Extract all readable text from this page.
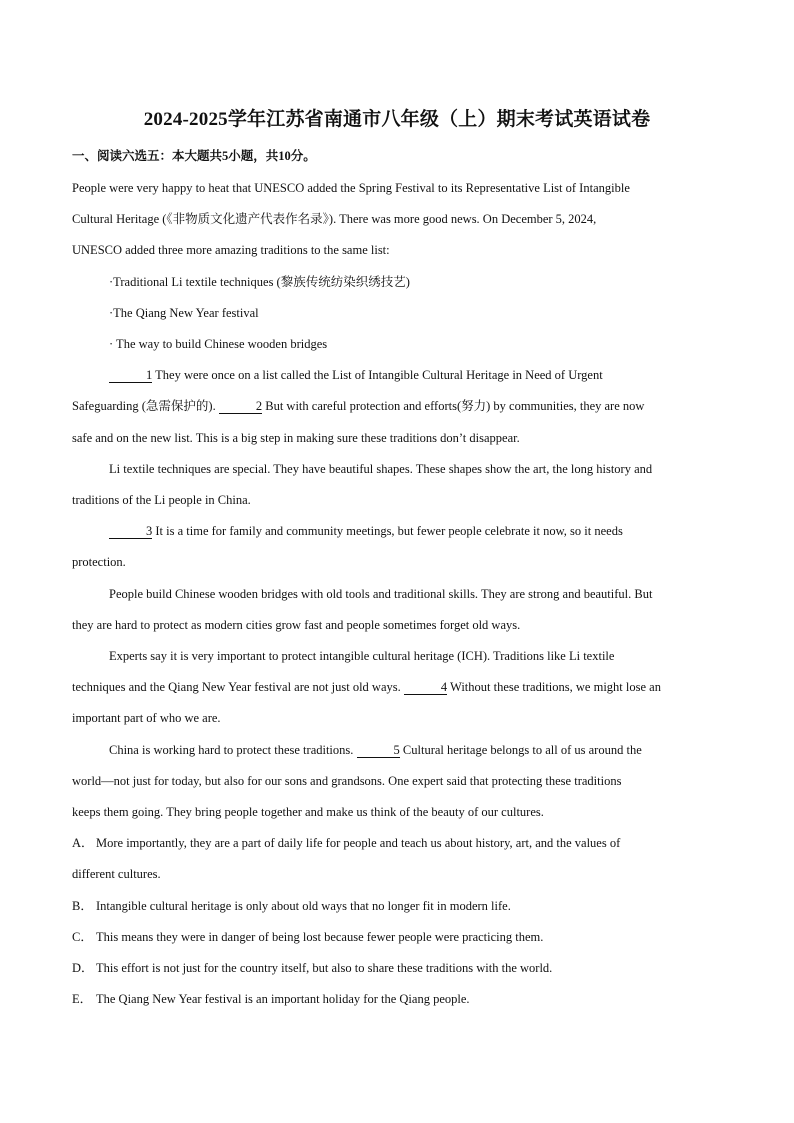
2024-2025学年江苏省南通市八年级（上）期末考试英语试卷
一、阅读六选五：本大题共5小题，共10分。

People were very happy to heat that UNESCO added the Spring Festival to its Representative List of Intangible
Cultural Heritage (《非物质文化遗产代表作名录》). There was more good news. On December 5, 2024,
UNESCO added three more amazing traditions to the same list:

·Traditional Li textile techniques (黎族传统纺染织绣技艺)

·The Qiang New Year festival

· The way to build Chinese wooden bridges

1 They were once on a list called the List of Intangible Cultural Heritage in Need of Urgent
Safeguarding (急需保护的).	2 But with careful protection and efforts(努力) by communities, they are now
safe and on the new list. This is a big step in making sure these traditions don’t disappear.

Li textile techniques are special. They have beautiful shapes. These shapes show the art, the long history and
traditions of the Li people in China.

3 It is a time for family and community meetings, but fewer people celebrate it now, so it needs
protection.

People build Chinese wooden bridges with old tools and traditional skills. They are strong and beautiful. But
they are hard to protect as modern cities grow fast and people sometimes forget old ways.

Experts say it is very important to protect intangible cultural heritage (ICH). Traditions like Li textile
techniques and the Qiang New Year festival are not just old ways.	4 Without these traditions, we might lose an
important part of who we are.

China is working hard to protect these traditions.	5 Cultural heritage belongs to all of us around the
world—not just for today, but also for our sons and grandsons. One expert said that protecting these traditions
keeps them going. They bring people together and make us think of the beauty of our cultures.

A． More importantly, they are a part of daily life for people and teach us about history, art, and the values of
different cultures.

B． Intangible cultural heritage is only about old ways that no longer fit in modern life.

C． This means they were in danger of being lost because fewer people were practicing them.

D． This effort is not just for the country itself, but also to share these traditions with the world.

E． The Qiang New Year festival is an important holiday for the Qiang people.
